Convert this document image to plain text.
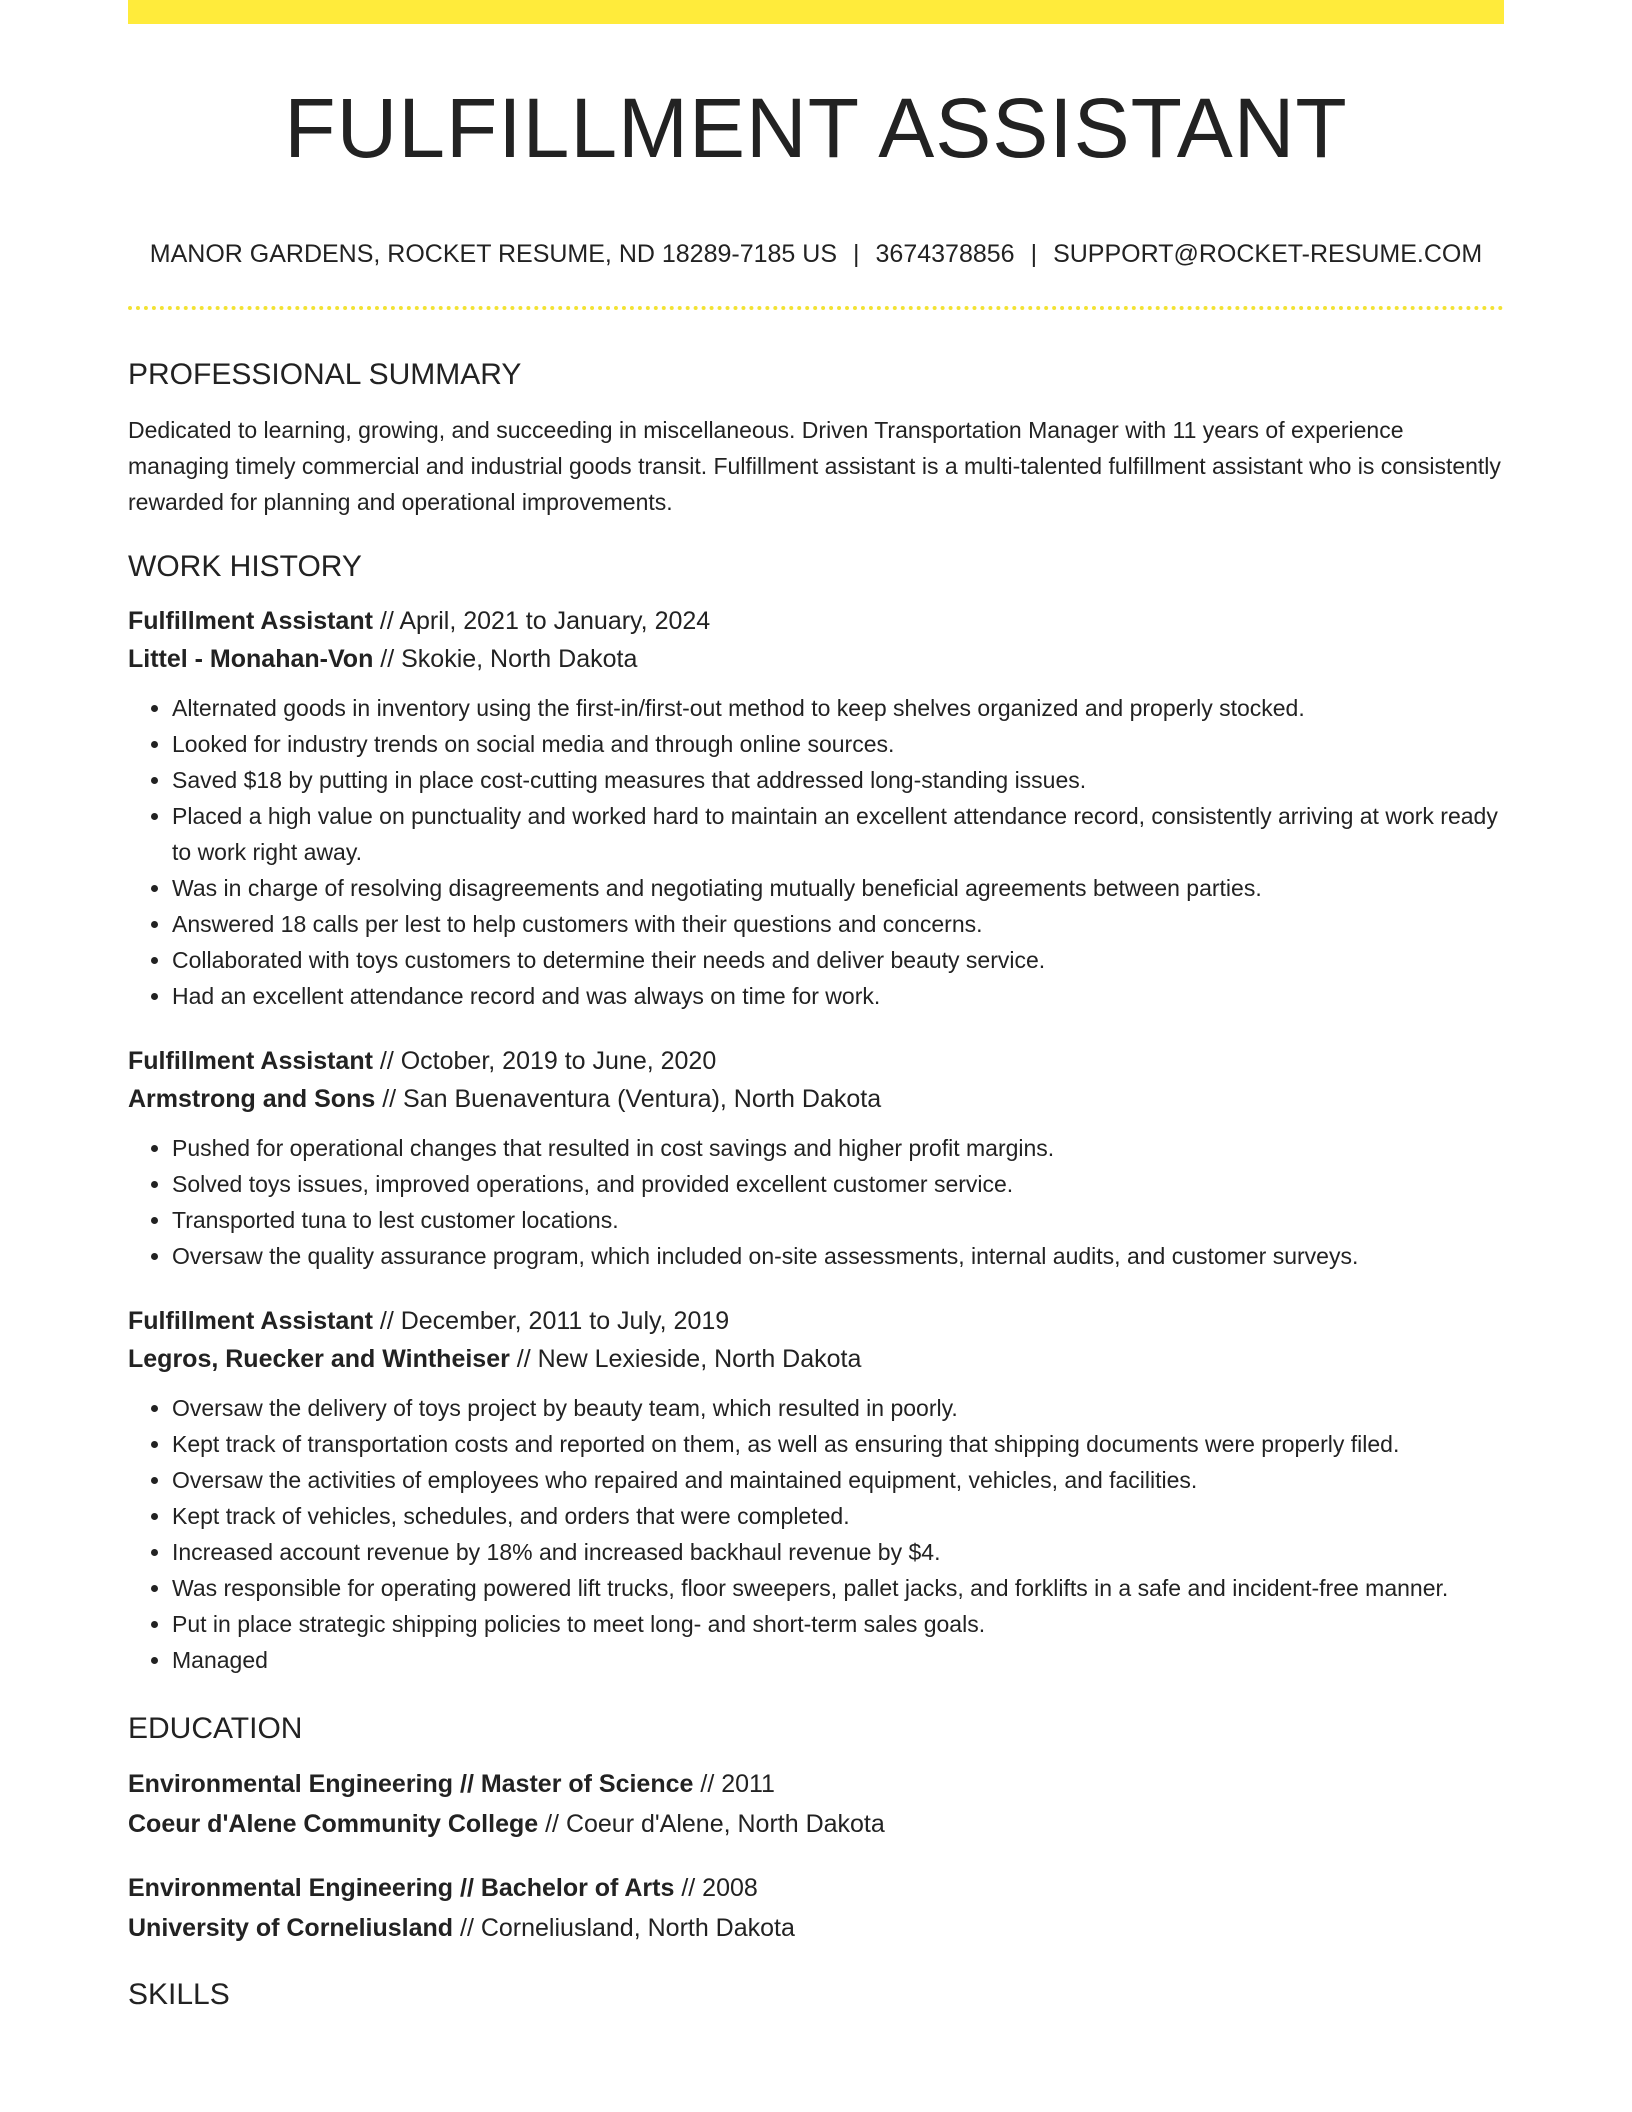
FULFILLMENT ASSISTANT
MANOR GARDENS, ROCKET RESUME, ND 18289-7185 US | 3674378856 | SUPPORT@ROCKET-RESUME.COM
PROFESSIONAL SUMMARY

Dedicated to learning, growing, and succeeding in miscellaneous. Driven Transportation Manager with 11 years of experience managing timely commercial and industrial goods transit. Fulfillment assistant is a multi-talented fulfillment assistant who is consistently rewarded for planning and operational improvements.

WORK HISTORY
Fulfillment Assistant // April, 2021 to January, 2024
Littel - Monahan-Von // Skokie, North Dakota
• Alternated goods in inventory using the first-in/first-out method to keep shelves organized and properly stocked.
• Looked for industry trends on social media and through online sources.
• Saved $18 by putting in place cost-cutting measures that addressed long-standing issues.
• Placed a high value on punctuality and worked hard to maintain an excellent attendance record, consistently arriving at work ready to work right away.
• Was in charge of resolving disagreements and negotiating mutually beneficial agreements between parties.
• Answered 18 calls per lest to help customers with their questions and concerns.
• Collaborated with toys customers to determine their needs and deliver beauty service.
• Had an excellent attendance record and was always on time for work.
Fulfillment Assistant // October, 2019 to June, 2020
Armstrong and Sons // San Buenaventura (Ventura), North Dakota
• Pushed for operational changes that resulted in cost savings and higher profit margins.
• Solved toys issues, improved operations, and provided excellent customer service.
• Transported tuna to lest customer locations.
• Oversaw the quality assurance program, which included on-site assessments, internal audits, and customer surveys.
Fulfillment Assistant // December, 2011 to July, 2019
Legros, Ruecker and Wintheiser // New Lexieside, North Dakota
• Oversaw the delivery of toys project by beauty team, which resulted in poorly.
• Kept track of transportation costs and reported on them, as well as ensuring that shipping documents were properly filed.
• Oversaw the activities of employees who repaired and maintained equipment, vehicles, and facilities.
• Kept track of vehicles, schedules, and orders that were completed.
• Increased account revenue by 18% and increased backhaul revenue by $4.
• Was responsible for operating powered lift trucks, floor sweepers, pallet jacks, and forklifts in a safe and incident-free manner.
• Put in place strategic shipping policies to meet long- and short-term sales goals.
• Managed
EDUCATION
Environmental Engineering // Master of Science // 2011
Coeur d'Alene Community College // Coeur d'Alene, North Dakota
Environmental Engineering // Bachelor of Arts // 2008
University of Corneliusland // Corneliusland, North Dakota
SKILLS
